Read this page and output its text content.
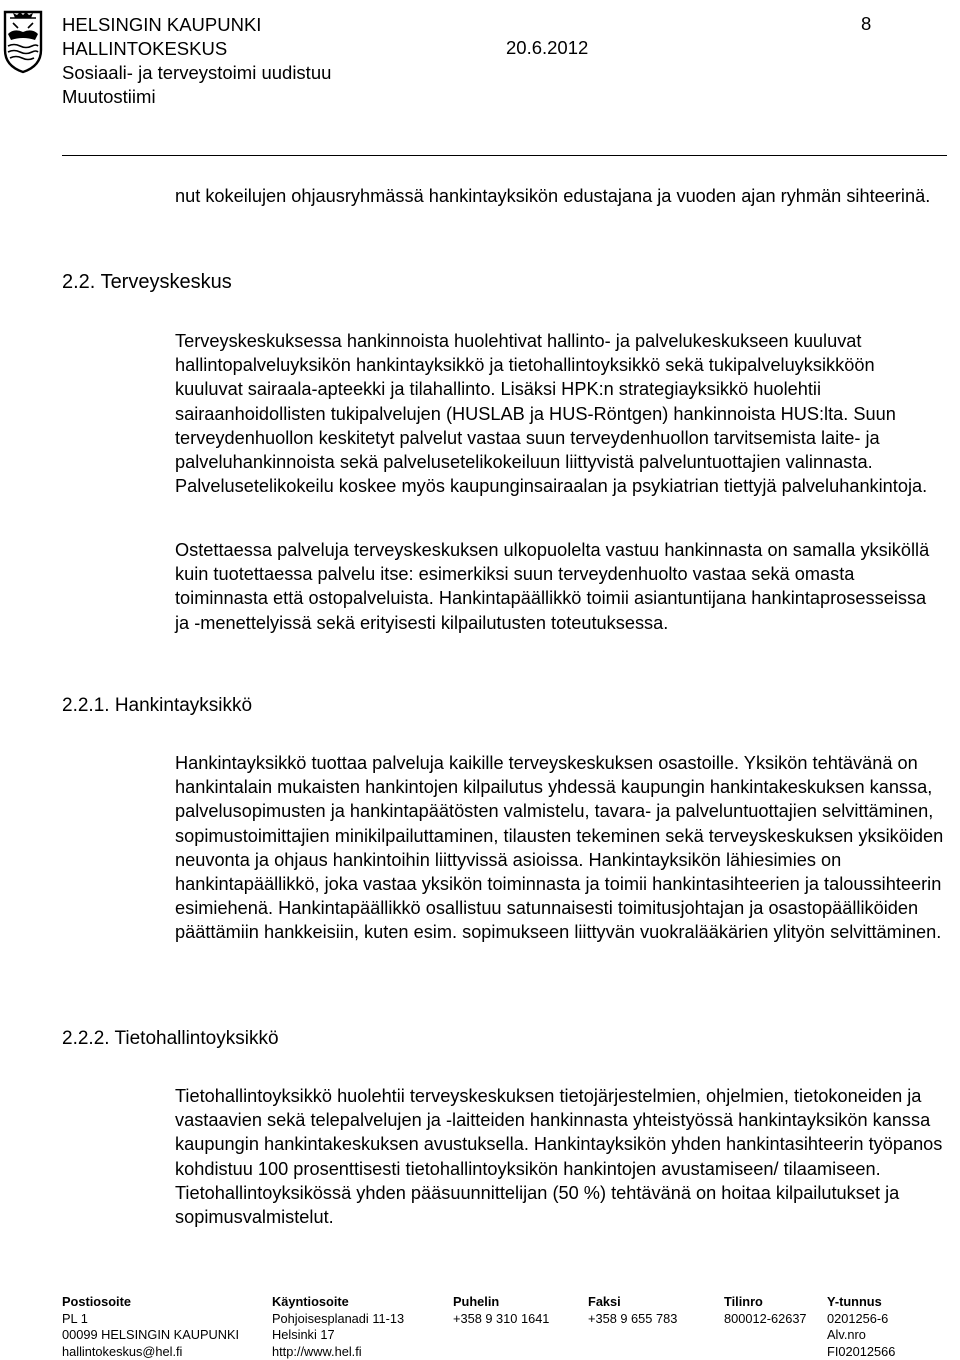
HELSINGIN KAUPUNKI
HALLINTOKESKUS
Sosiaali- ja terveystoimi uudistuu
Muutostiimi
20.6.2012
8

nut kokeilujen ohjausryhmässä hankintayksikön edustajana ja vuoden ajan ryhmän sihteerinä.

2.2. Terveyskeskus

Terveyskeskuksessa hankinnoista huolehtivat hallinto- ja palvelukeskukseen kuuluvat hallintopalveluyksikön hankintayksikkö ja tietohallintoyksikkö sekä tukipalveluyksikköön kuuluvat sairaala-apteekki ja tilahallinto. Lisäksi HPK:n strategiayksikkö huolehtii sairaanhoidollisten tukipalvelujen (HUSLAB ja HUS-Röntgen) hankinnoista HUS:lta. Suun terveydenhuollon keskitetyt palvelut vastaa suun terveydenhuollon tarvitsemista laite- ja palveluhankinnoista sekä palvelusetelikokeiluun liittyvistä palveluntuottajien valinnasta. Palvelusetelikokeilu koskee myös kaupunginsairaalan ja psykiatrian tiettyjä palveluhankintoja.

Ostettaessa palveluja terveyskeskuksen ulkopuolelta vastuu hankinnasta on samalla yksiköllä kuin tuotettaessa palvelu itse: esimerkiksi suun terveydenhuolto vastaa sekä omasta toiminnasta että ostopalveluista. Hankintapäällikkö toimii asiantuntijana hankintaprosesseissa ja -menettelyissä sekä erityisesti kilpailutusten toteutuksessa.

2.2.1. Hankintayksikkö

Hankintayksikkö tuottaa palveluja kaikille terveyskeskuksen osastoille. Yksikön tehtävänä on hankintalain mukaisten hankintojen kilpailutus yhdessä kaupungin hankintakeskuksen kanssa, palvelusopimusten ja hankintapäätösten valmistelu, tavara- ja palveluntuottajien selvittäminen, sopimustoimittajien minikilpailuttaminen, tilausten tekeminen sekä terveyskeskuksen yksiköiden neuvonta ja ohjaus hankintoihin liittyvissä asioissa. Hankintayksikön lähiesimies on hankintapäällikkö, joka vastaa yksikön toiminnasta ja toimii hankintasihteerien ja taloussihteerin esimiehenä. Hankintapäällikkö osallistuu satunnaisesti toimitusjohtajan ja osastopäälliköiden päättämiin hankkeisiin, kuten esim. sopimukseen liittyvän vuokralääkärien ylityön selvittäminen.

2.2.2. Tietohallintoyksikkö

Tietohallintoyksikkö huolehtii terveyskeskuksen tietojärjestelmien, ohjelmien, tietokoneiden ja vastaavien sekä telepalvelujen ja -laitteiden hankinnasta yhteistyössä hankintayksikön kanssa kaupungin hankintakeskuksen avustuksella. Hankintayksikön yhden hankintasihteerin työpanos kohdistuu 100 prosenttisesti tietohallintoyksikön hankintojen avustamiseen/ tilaamiseen. Tietohallintoyksikössä yhden pääsuunnittelijan (50 %) tehtävänä on hoitaa kilpailutukset ja sopimusvalmistelut.

Postiosoite
PL 1
00099 HELSINGIN KAUPUNKI
hallintokeskus@hel.fi
Käyntiosoite
Pohjoisesplanadi 11-13
Helsinki 17
http://www.hel.fi
Puhelin
+358 9 310 1641
Faksi
+358 9 655 783
Tilinro
800012-62637
Y-tunnus
0201256-6
Alv.nro
FI02012566
